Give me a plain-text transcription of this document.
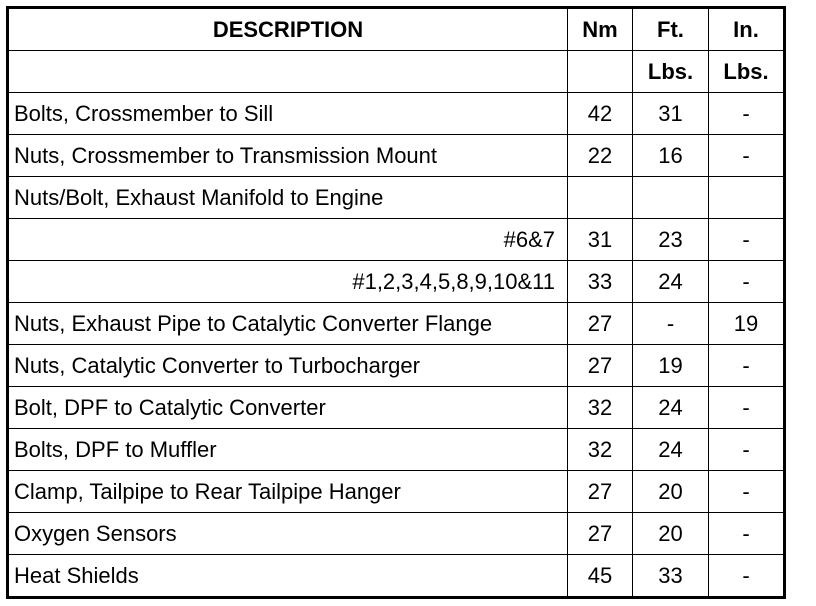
DESCRIPTION	Nm	Ft.	In.
		Lbs.	Lbs.
Bolts, Crossmember to Sill	42	31	-
Nuts, Crossmember to Transmission Mount	22	16	-
Nuts/Bolt, Exhaust Manifold to Engine			
#6&7	31	23	-
#1,2,3,4,5,8,9,10&11	33	24	-
Nuts, Exhaust Pipe to Catalytic Converter Flange	27	-	19
Nuts, Catalytic Converter to Turbocharger	27	19	-
Bolt, DPF to Catalytic Converter	32	24	-
Bolts, DPF to Muffler	32	24	-
Clamp, Tailpipe to Rear Tailpipe Hanger	27	20	-
Oxygen Sensors	27	20	-
Heat Shields	45	33	-
